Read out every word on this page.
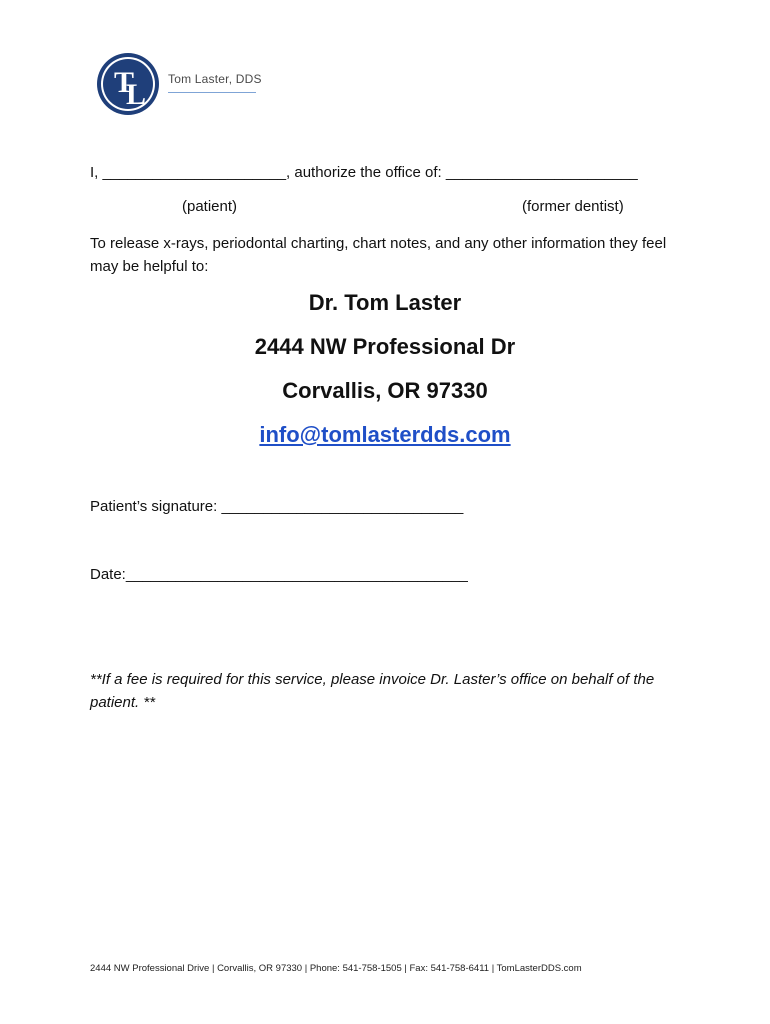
T
L Tom Laster, DDS
I, ______________________, authorize the office of: _______________________
(patient)	(former dentist)
To release x-rays, periodontal charting, chart notes, and any other information they feel may be helpful to:
Dr. Tom Laster
2444 NW Professional Dr
Corvallis, OR 97330
info@tomlasterdds.com
Patient’s signature: _____________________________
Date:_________________________________________
**If a fee is required for this service, please invoice Dr. Laster’s office on behalf of the patient. **
2444 NW Professional Drive | Corvallis, OR 97330 | Phone: 541-758-1505 | Fax: 541-758-6411 | TomLasterDDS.com
